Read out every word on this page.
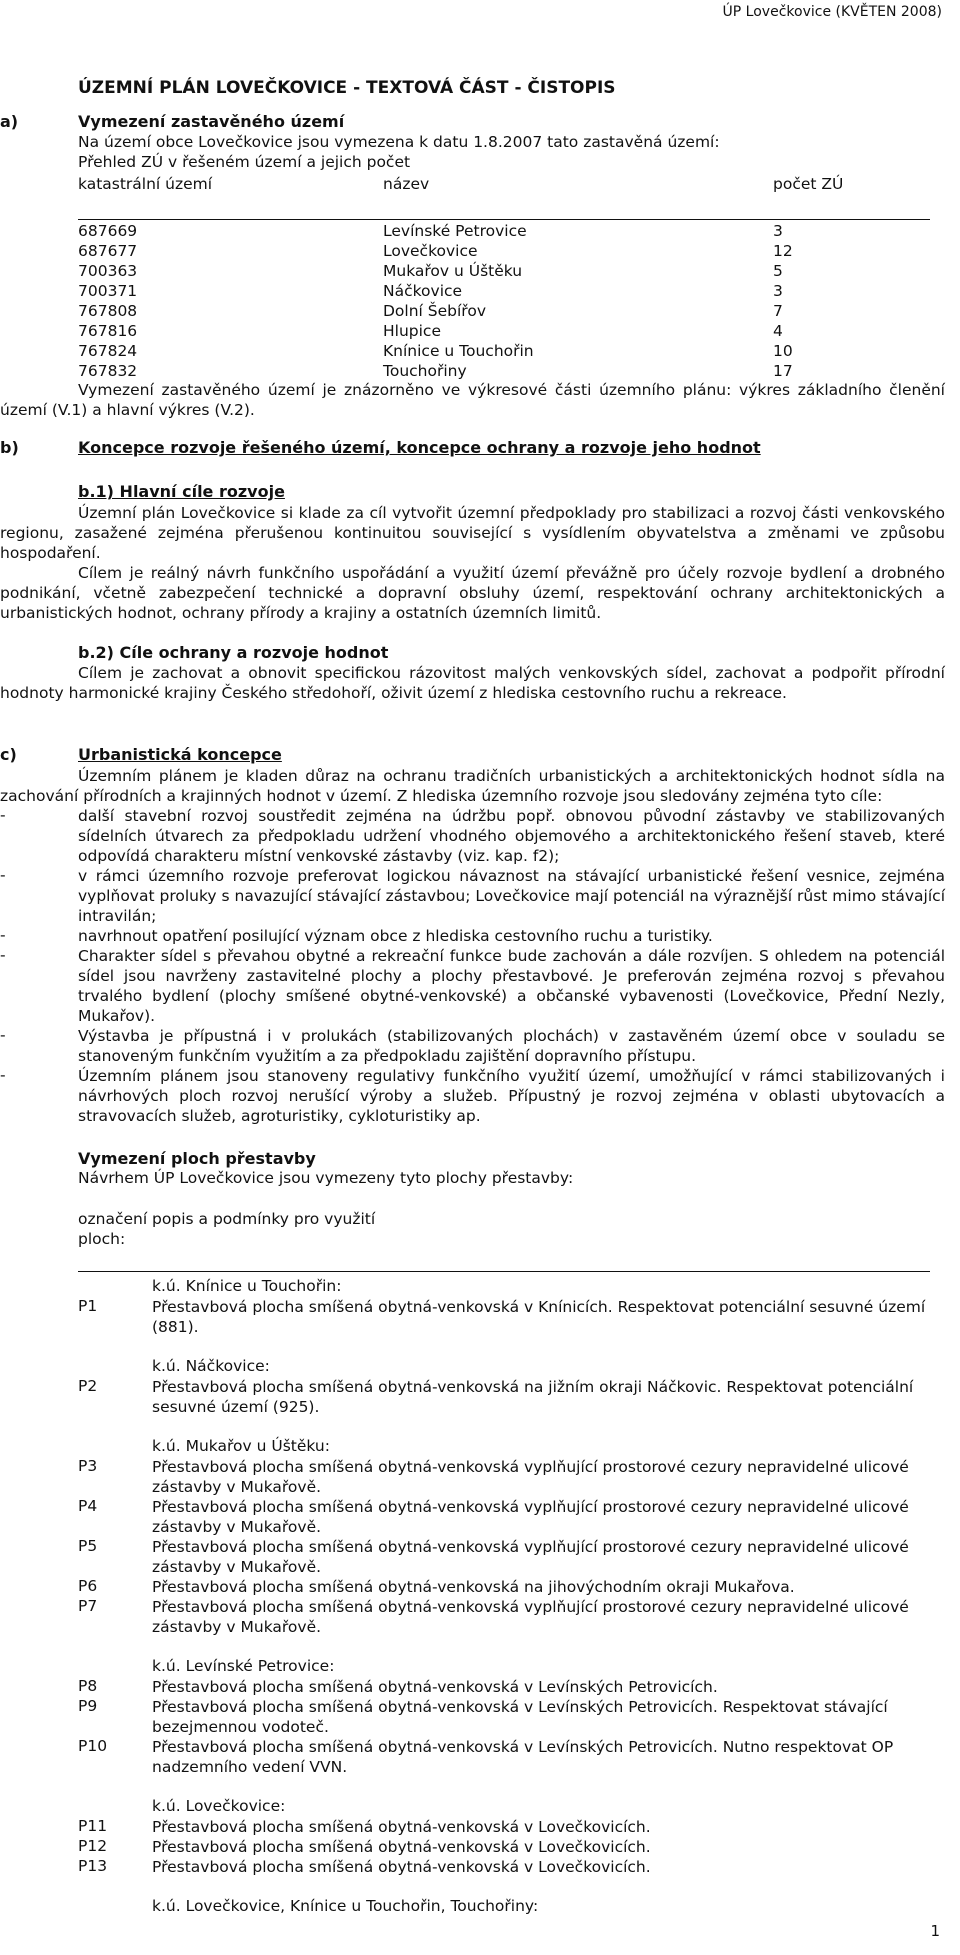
ÚP Lovečkovice (KVĚTEN 2008)
ÚZEMNÍ PLÁN LOVEČKOVICE - TEXTOVÁ ČÁST - ČISTOPIS
a)	Vymezení zastavěného území
Na území obce Lovečkovice jsou vymezena k datu 1.8.2007 tato zastavěná území:
Přehled ZÚ v řešeném území a jejich počet
katastrální území	název	počet ZÚ
687669	Levínské Petrovice	3
687677	Lovečkovice	12
700363	Mukařov u Úštěku	5
700371	Náčkovice	3
767808	Dolní Šebířov	7
767816	Hlupice	4
767824	Knínice u Touchořin	10
767832	Touchořiny	17
Vymezení zastavěného území je znázorněno ve výkresové části územního plánu: výkres základního členění území (V.1) a hlavní výkres (V.2).
b)	Koncepce rozvoje řešeného území, koncepce ochrany a rozvoje jeho hodnot
b.1) Hlavní cíle rozvoje
Územní plán Lovečkovice si klade za cíl vytvořit územní předpoklady pro stabilizaci a rozvoj části venkovského regionu, zasažené zejména přerušenou kontinuitou související s vysídlením obyvatelstva a změnami ve způsobu hospodaření.
Cílem je reálný návrh funkčního uspořádání a využití území převážně pro účely rozvoje bydlení a drobného podnikání, včetně zabezpečení technické a dopravní obsluhy území, respektování ochrany architektonických a urbanistických hodnot, ochrany přírody a krajiny a ostatních územních limitů.
b.2) Cíle ochrany a rozvoje hodnot
Cílem je zachovat a obnovit specifickou rázovitost malých venkovských sídel, zachovat a podpořit přírodní hodnoty harmonické krajiny Českého středohoří, oživit území z hlediska cestovního ruchu a rekreace.
c)	Urbanistická koncepce
Územním plánem je kladen důraz na ochranu tradičních urbanistických a architektonických hodnot sídla na zachování přírodních a krajinných hodnot v území. Z hlediska územního rozvoje jsou sledovány zejména tyto cíle:
-	další stavební rozvoj soustředit zejména na údržbu popř. obnovou původní zástavby ve stabilizovaných sídelních útvarech za předpokladu udržení vhodného objemového a architektonického řešení staveb, které odpovídá charakteru místní venkovské zástavby (viz. kap. f2);
-	v rámci územního rozvoje preferovat logickou návaznost na stávající urbanistické řešení vesnice, zejména vyplňovat proluky s navazující stávající zástavbou; Lovečkovice mají potenciál na výraznější růst mimo stávající intravilán;
-	navrhnout opatření posilující význam obce z hlediska cestovního ruchu a turistiky.
-	Charakter sídel s převahou obytné a rekreační funkce bude zachován a dále rozvíjen. S ohledem na potenciál sídel jsou navrženy zastavitelné plochy a plochy přestavbové. Je preferován zejména rozvoj s převahou trvalého bydlení (plochy smíšené obytné-venkovské) a občanské vybavenosti (Lovečkovice, Přední Nezly, Mukařov).
-	Výstavba je přípustná i v prolukách (stabilizovaných plochách) v zastavěném území obce v souladu se stanoveným funkčním využitím a za předpokladu zajištění dopravního přístupu.
-	Územním plánem jsou stanoveny regulativy funkčního využití území, umožňující v rámci stabilizovaných i návrhových ploch rozvoj nerušící výroby a služeb. Přípustný je rozvoj zejména v oblasti ubytovacích a stravovacích služeb, agroturistiky, cykloturistiky ap.
Vymezení ploch přestavby
Návrhem ÚP Lovečkovice jsou vymezeny tyto plochy přestavby:
označení popis a podmínky pro využití
ploch:
k.ú. Knínice u Touchořin:
P1	Přestavbová plocha smíšená obytná-venkovská v Knínicích. Respektovat potenciální sesuvné území (881).
k.ú. Náčkovice:
P2	Přestavbová plocha smíšená obytná-venkovská na jižním okraji Náčkovic. Respektovat potenciální sesuvné území (925).
k.ú. Mukařov u Úštěku:
P3	Přestavbová plocha smíšená obytná-venkovská vyplňující prostorové cezury nepravidelné ulicové zástavby v Mukařově.
P4	Přestavbová plocha smíšená obytná-venkovská vyplňující prostorové cezury nepravidelné ulicové zástavby v Mukařově.
P5	Přestavbová plocha smíšená obytná-venkovská vyplňující prostorové cezury nepravidelné ulicové zástavby v Mukařově.
P6	Přestavbová plocha smíšená obytná-venkovská na jihovýchodním okraji Mukařova.
P7	Přestavbová plocha smíšená obytná-venkovská vyplňující prostorové cezury nepravidelné ulicové zástavby v Mukařově.
k.ú. Levínské Petrovice:
P8	Přestavbová plocha smíšená obytná-venkovská v Levínských Petrovicích.
P9	Přestavbová plocha smíšená obytná-venkovská v Levínských Petrovicích. Respektovat stávající bezejmennou vodoteč.
P10	Přestavbová plocha smíšená obytná-venkovská v Levínských Petrovicích. Nutno respektovat OP nadzemního vedení VVN.
k.ú. Lovečkovice:
P11	Přestavbová plocha smíšená obytná-venkovská v Lovečkovicích.
P12	Přestavbová plocha smíšená obytná-venkovská v Lovečkovicích.
P13	Přestavbová plocha smíšená obytná-venkovská v Lovečkovicích.
k.ú. Lovečkovice, Knínice u Touchořin, Touchořiny:
1
